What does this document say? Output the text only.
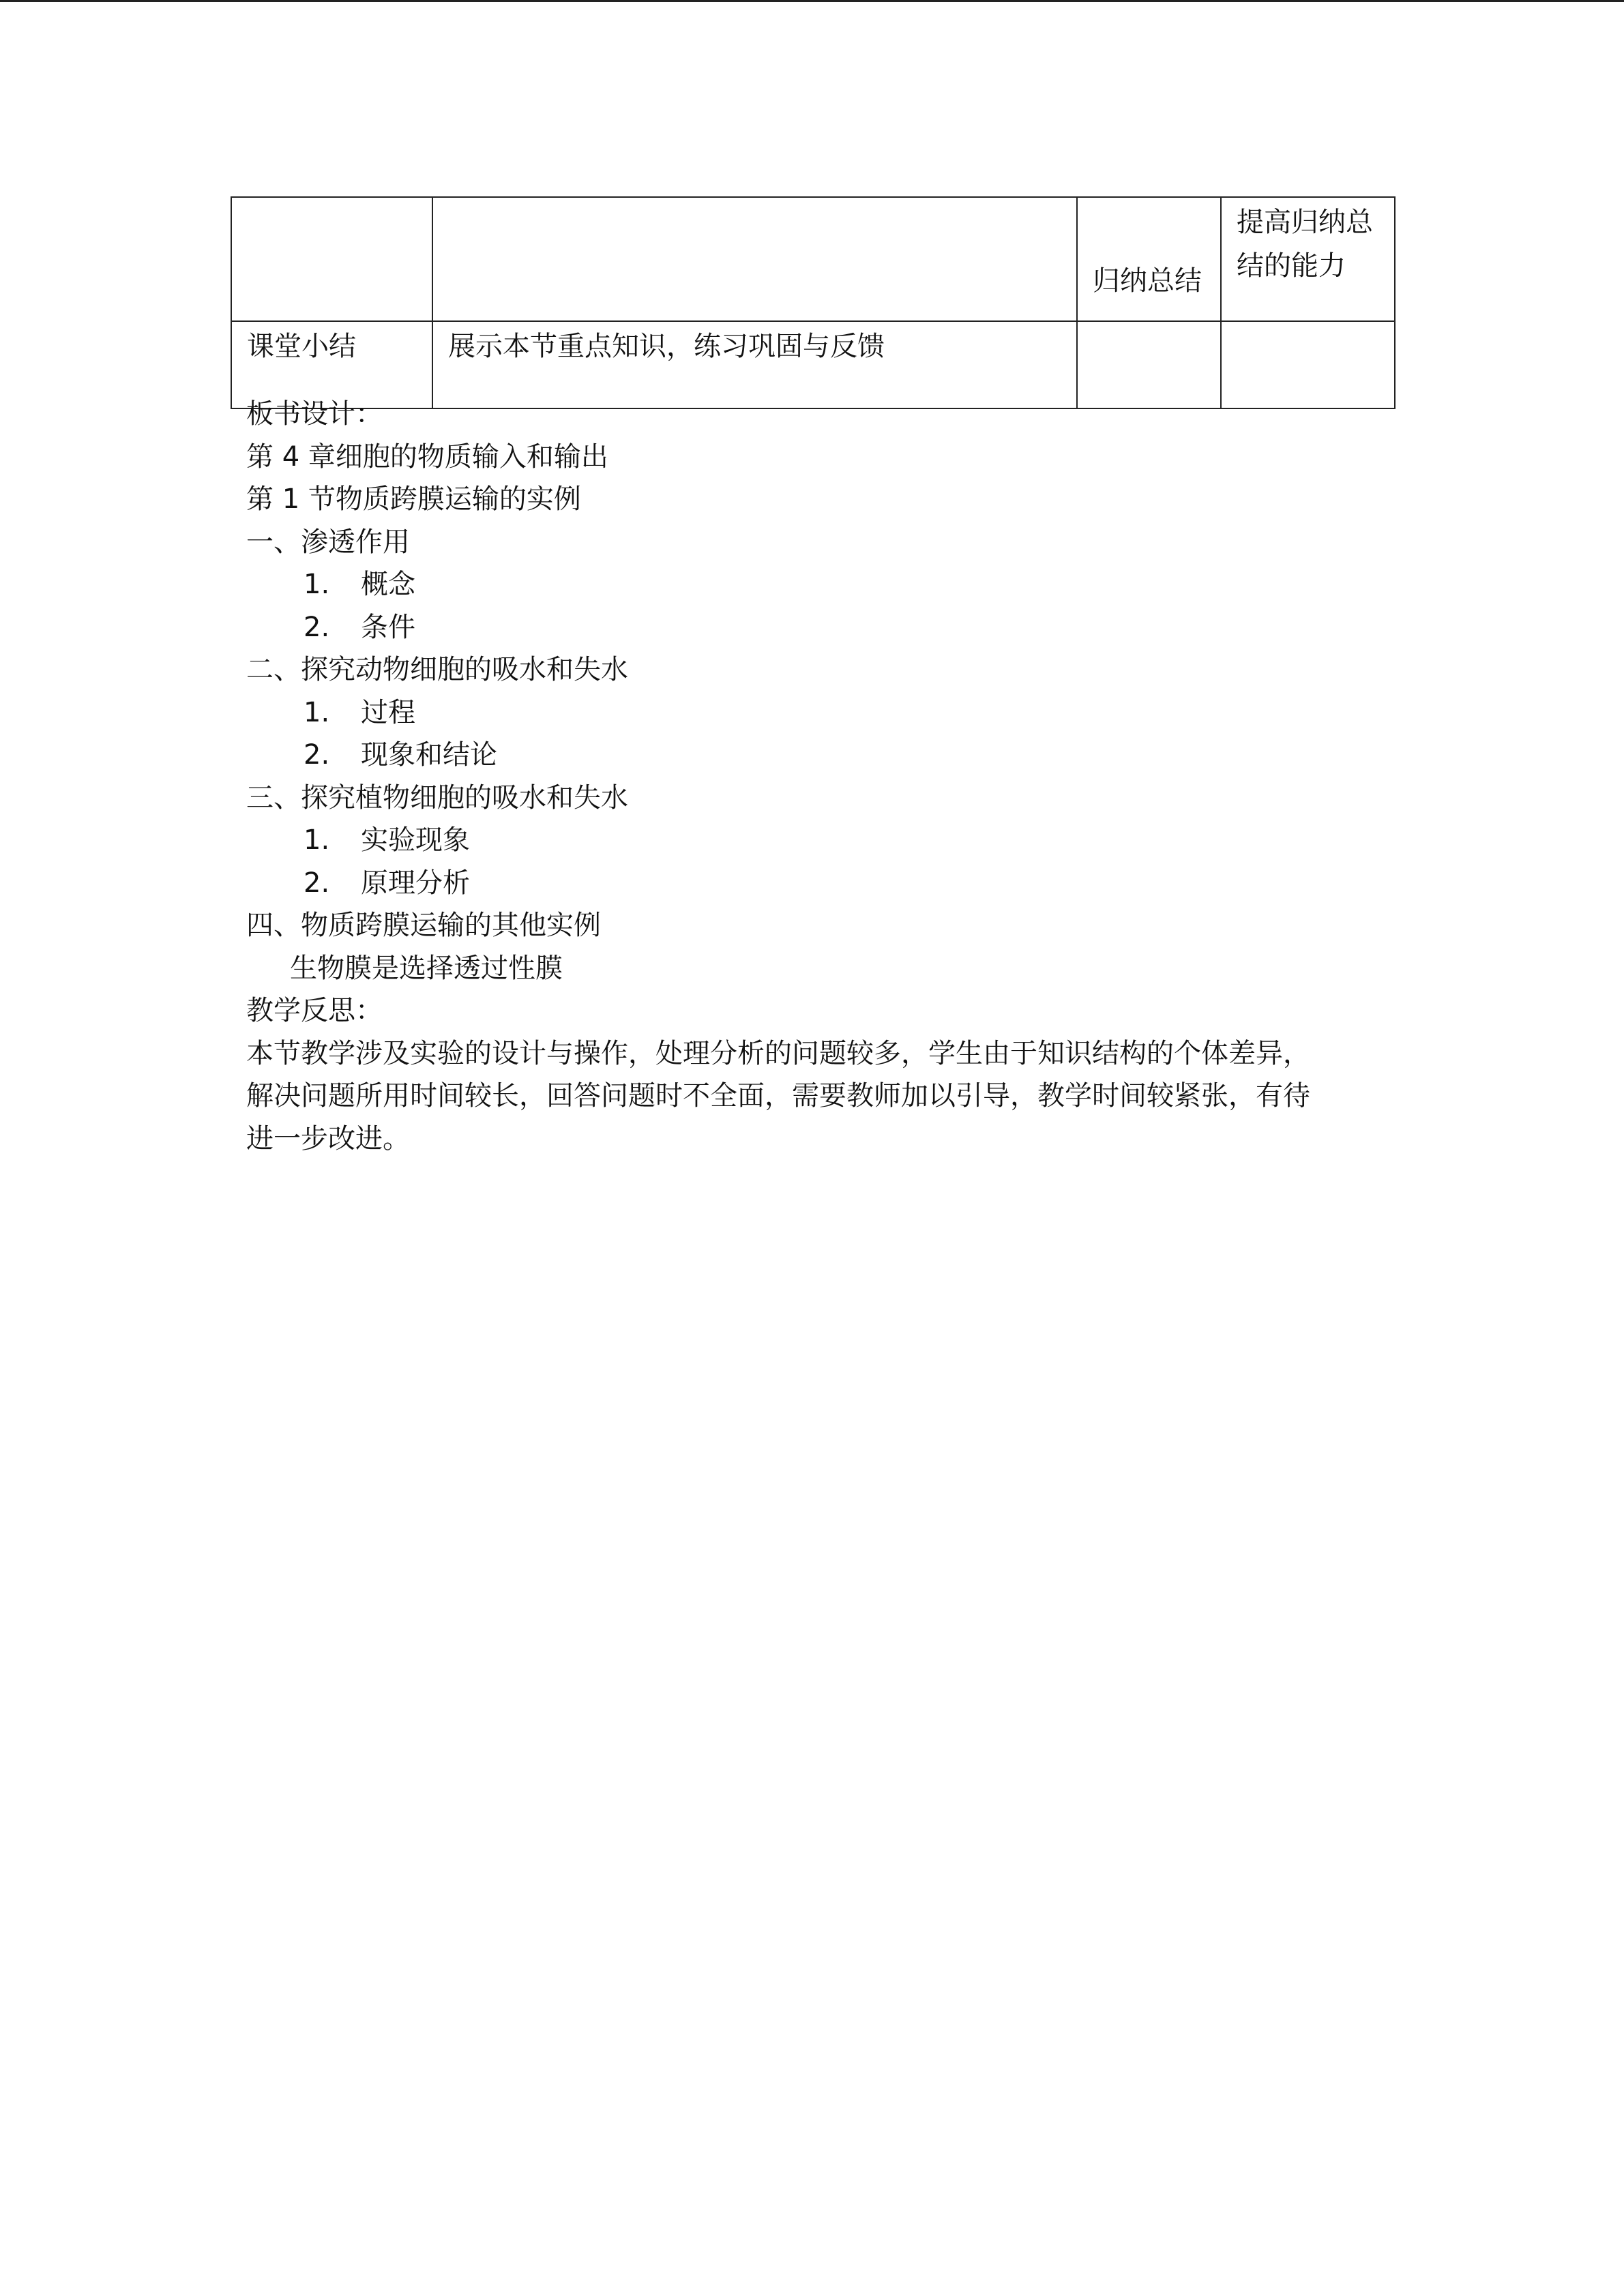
		归纳总结	提高归纳总结的能力
课堂小结	展示本节重点知识，练习巩固与反馈		
板书设计：
第 4 章细胞的物质输入和输出
第 1 节物质跨膜运输的实例
一、渗透作用
1. 概念
2. 条件
二、探究动物细胞的吸水和失水
1. 过程
2. 现象和结论
三、探究植物细胞的吸水和失水
1. 实验现象
2. 原理分析
四、物质跨膜运输的其他实例
生物膜是选择透过性膜
教学反思：
本节教学涉及实验的设计与操作，处理分析的问题较多，学生由于知识结构的个体差异，
解决问题所用时间较长，回答问题时不全面，需要教师加以引导，教学时间较紧张，有待
进一步改进。
